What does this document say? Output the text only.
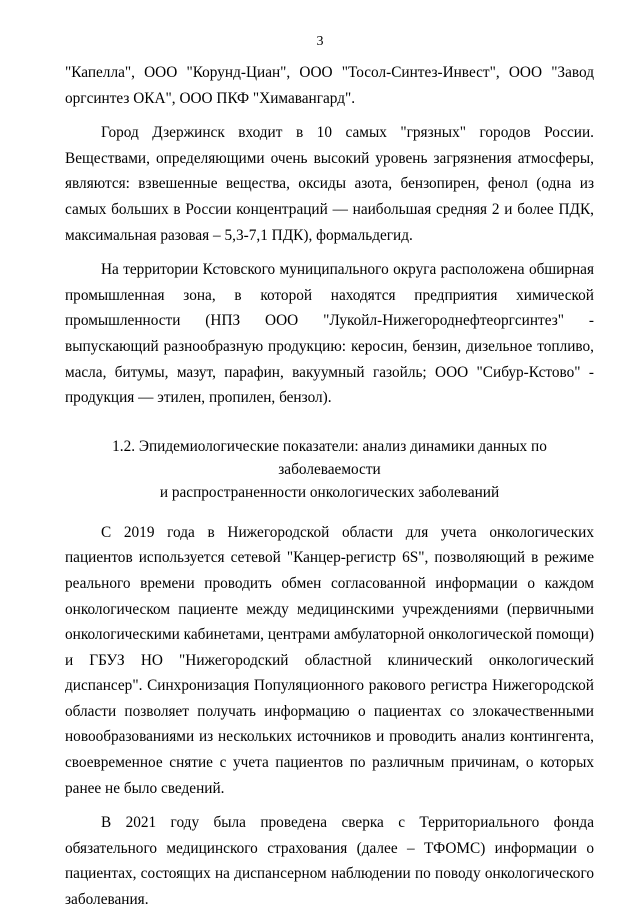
3

"Капелла", ООО "Корунд-Циан", ООО "Тосол-Синтез-Инвест", ООО "Завод оргсинтез ОКА", ООО ПКФ "Химавангард".

Город Дзержинск входит в 10 самых "грязных" городов России. Веществами, определяющими очень высокий уровень загрязнения атмосферы, являются: взвешенные вещества, оксиды азота, бензопирен, фенол (одна из самых больших в России концентраций — наибольшая средняя 2 и более ПДК, максимальная разовая – 5,3-7,1 ПДК), формальдегид.

На территории Кстовского муниципального округа расположена обширная промышленная зона, в которой находятся предприятия химической промышленности (НПЗ ООО "Лукойл-Нижегороднефтеоргсинтез" - выпускающий разнообразную продукцию: керосин, бензин, дизельное топливо, масла, битумы, мазут, парафин, вакуумный газойль; ООО "Сибур-Кстово" - продукция — этилен, пропилен, бензол).

1.2. Эпидемиологические показатели: анализ динамики данных по заболеваемости
и распространенности онкологических заболеваний

С 2019 года в Нижегородской области для учета онкологических пациентов используется сетевой "Канцер-регистр 6S", позволяющий в режиме реального времени проводить обмен согласованной информации о каждом онкологическом пациенте между медицинскими учреждениями (первичными онкологическими кабинетами, центрами амбулаторной онкологической помощи) и ГБУЗ НО "Нижегородский областной клинический онкологический диспансер". Синхронизация Популяционного ракового регистра Нижегородской области позволяет получать информацию о пациентах со злокачественными новообразованиями из нескольких источников и проводить анализ контингента, своевременное снятие с учета пациентов по различным причинам, о которых ранее не было сведений.

В 2021 году была проведена сверка с Территориального фонда обязательного медицинского страхования (далее – ТФОМС) информации о пациентах, состоящих на диспансерном наблюдении по поводу онкологического заболевания.
